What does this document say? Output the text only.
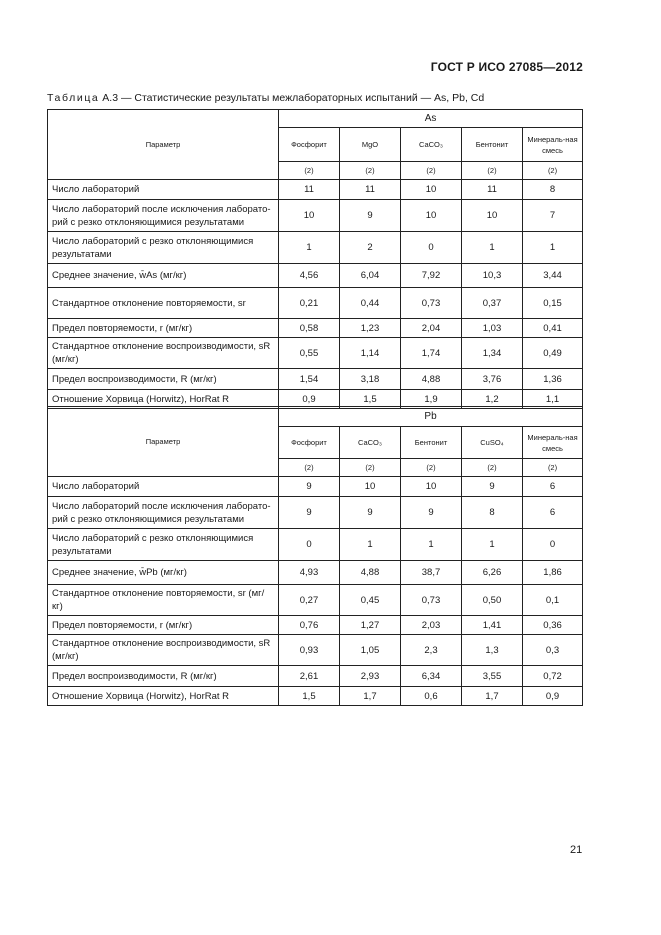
ГОСТ Р ИСО 27085—2012
Таблица А.3 — Статистические результаты межлабораторных испытаний — As, Pb, Cd
Параметр	As				
	Фосфорит	MgO	CaCO₃	Бентонит	Минераль-ная смесь
	(2)	(2)	(2)	(2)	(2)
Число лабораторий	11	11	10	11	8
Число лабораторий после исключения лабораторий с резко отклоняющимися результатами	10	9	10	10	7
Число лабораторий с резко отклоняющимися результатами	1	2	0	1	1
Среднее значение, w̄As (мг/кг)	4,56	6,04	7,92	10,3	3,44
Стандартное отклонение повторяемости, sr	0,21	0,44	0,73	0,37	0,15
Предел повторяемости, r (мг/кг)	0,58	1,23	2,04	1,03	0,41
Стандартное отклонение воспроизводимости, sR (мг/кг)	0,55	1,14	1,74	1,34	0,49
Предел воспроизводимости, R (мг/кг)	1,54	3,18	4,88	3,76	1,36
Отношение Хорвица (Horwitz), HorRat R	0,9	1,5	1,9	1,2	1,1
Параметр	Pb				
	Фосфорит	CaCO₃	Бентонит	CuSO₄	Минераль-ная смесь
	(2)	(2)	(2)	(2)	(2)
Число лабораторий	9	10	10	9	6
Число лабораторий после исключения лабораторий с резко отклоняющимися результатами	9	9	9	8	6
Число лабораторий с резко отклоняющимися результатами	0	1	1	1	0
Среднее значение, w̄Pb (мг/кг)	4,93	4,88	38,7	6,26	1,86
Стандартное отклонение повторяемости, sr (мг/кг)	0,27	0,45	0,73	0,50	0,1
Предел повторяемости, r (мг/кг)	0,76	1,27	2,03	1,41	0,36
Стандартное отклонение воспроизводимости, sR (мг/кг)	0,93	1,05	2,3	1,3	0,3
Предел воспроизводимости, R (мг/кг)	2,61	2,93	6,34	3,55	0,72
Отношение Хорвица (Horwitz), HorRat R	1,5	1,7	0,6	1,7	0,9
21
